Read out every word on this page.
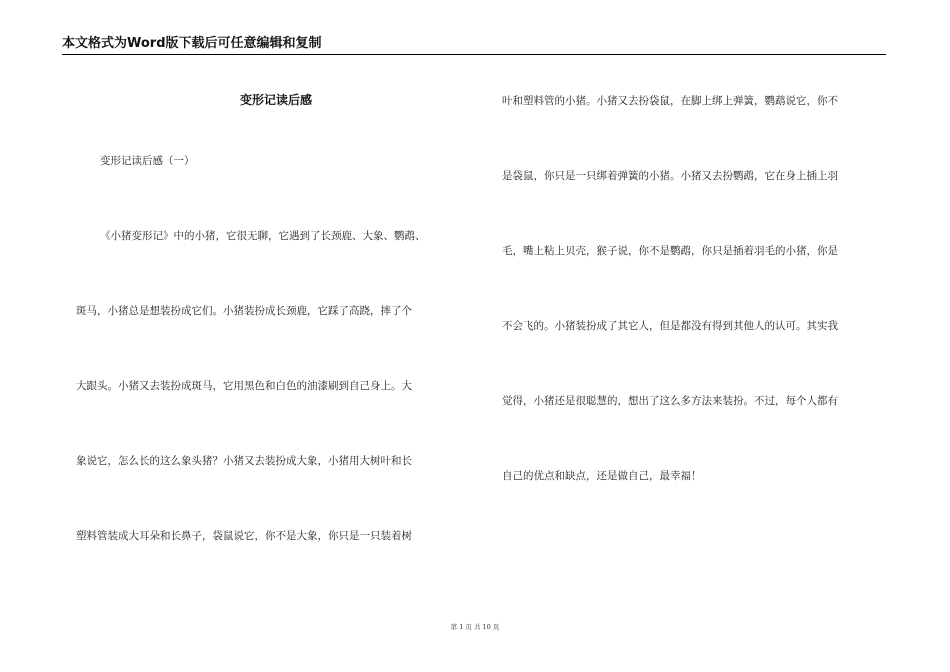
本文格式为Word版下载后可任意编辑和复制
变形记读后感
变形记读后感（一）
《小猪变形记》中的小猪，它很无聊，它遇到了长颈鹿、大象、鹦鹉、
斑马，小猪总是想装扮成它们。小猪装扮成长颈鹿，它踩了高跷，摔了个
大跟头。小猪又去装扮成斑马，它用黑色和白色的油漆刷到自己身上。大
象说它，怎么长的这么象头猪？小猪又去装扮成大象，小猪用大树叶和长
塑料管装成大耳朵和长鼻子，袋鼠说它，你不是大象，你只是一只装着树
叶和塑料管的小猪。小猪又去扮袋鼠，在脚上绑上弹簧，鹦鹉说它，你不
是袋鼠，你只是一只绑着弹簧的小猪。小猪又去扮鹦鹉，它在身上插上羽
毛，嘴上粘上贝壳，猴子说，你不是鹦鹉，你只是插着羽毛的小猪，你是
不会飞的。小猪装扮成了其它人，但是都没有得到其他人的认可。其实我
觉得，小猪还是很聪慧的，想出了这么多方法来装扮。不过，每个人都有
自己的优点和缺点，还是做自己，最幸福！
第 1 页 共 10 页
